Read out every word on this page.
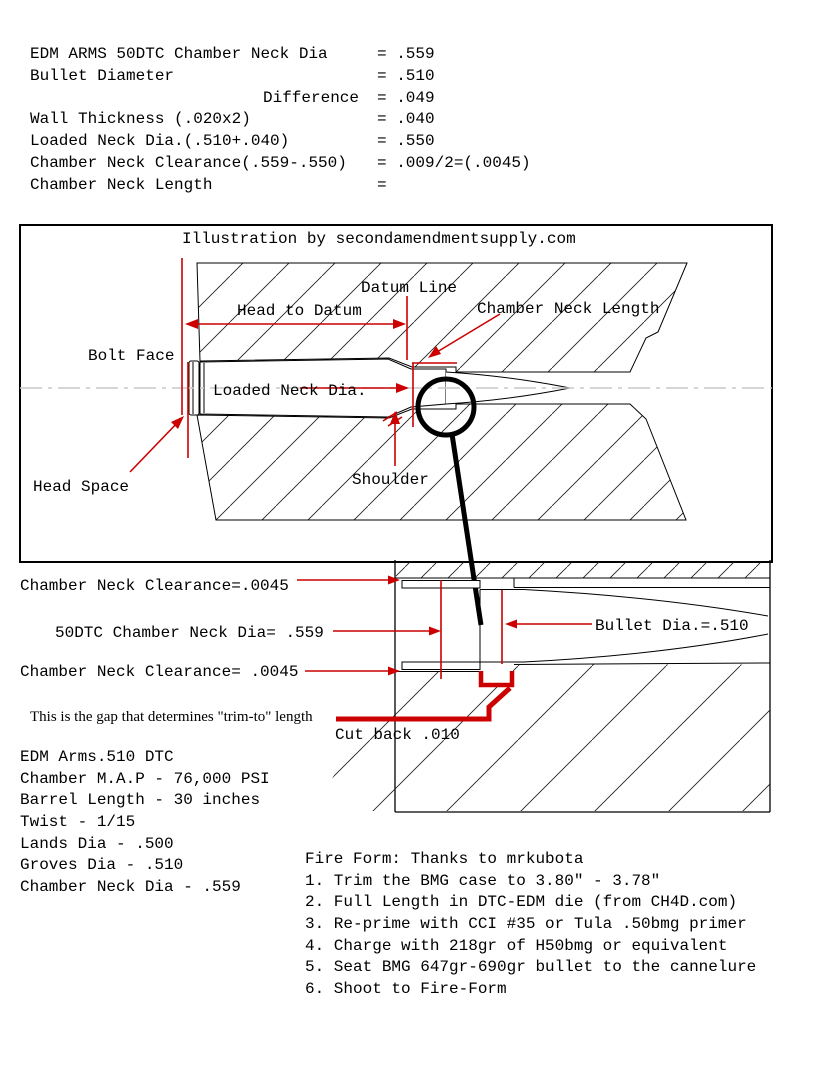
EDM ARMS 50DTC Chamber Neck Dia	= .559
Bullet Diameter	= .510
Difference	= .049
Wall Thickness (.020x2)	= .040
Loaded Neck Dia.(.510+.040)	= .550
Chamber Neck Clearance(.559-.550)	= .009/2=(.0045)
Chamber Neck Length	=
Illustration by secondamendmentsupply.com
Datum Line
Head to Datum	Chamber Neck Length
Bolt Face
Loaded Neck Dia.
Shoulder
Head Space
Chamber Neck Clearance=.0045
50DTC Chamber Neck Dia= .559
Chamber Neck Clearance= .0045
Bullet Dia.=.510
This is the gap that determines "trim-to" length
Cut back .010
EDM Arms.510 DTC
Chamber M.A.P - 76,000 PSI
Barrel Length - 30 inches
Twist - 1/15
Lands Dia - .500
Groves Dia - .510
Chamber Neck Dia - .559
Fire Form: Thanks to mrkubota
1. Trim the BMG case to 3.80" - 3.78"
2. Full Length in DTC-EDM die (from CH4D.com)
3. Re-prime with CCI #35 or Tula .50bmg primer
4. Charge with 218gr of H50bmg or equivalent
5. Seat BMG 647gr-690gr bullet to the cannelure
6. Shoot to Fire-Form
